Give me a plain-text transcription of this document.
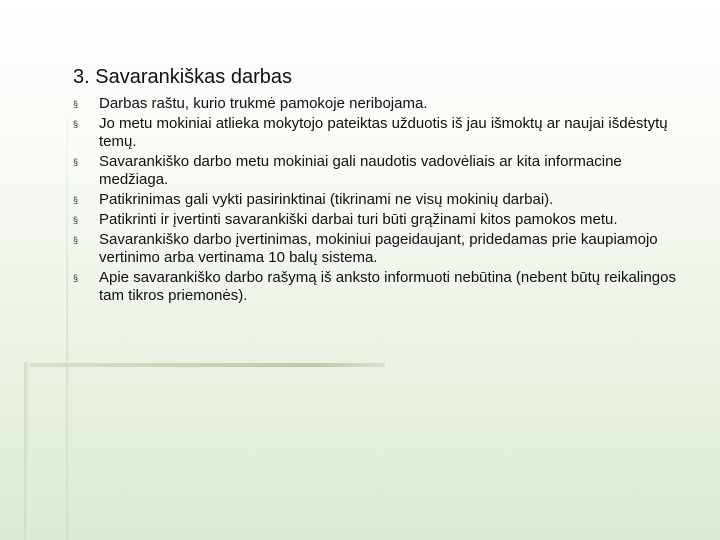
3. Savarankiškas darbas
§	Darbas raštu, kurio trukmė pamokoje neribojama.
§	Jo metu mokiniai atlieka mokytojo pateiktas užduotis iš jau išmoktų ar naujai išdėstytų temų.
§	Savarankiško darbo metu mokiniai gali naudotis vadovėliais ar kita informacine medžiaga.
§	Patikrinimas gali vykti pasirinktinai (tikrinami ne visų mokinių darbai).
§	Patikrinti ir įvertinti savarankiški darbai turi būti grąžinami kitos pamokos metu.
§	Savarankiško darbo įvertinimas, mokiniui pageidaujant, pridedamas prie kaupiamojo vertinimo arba vertinama 10 balų sistema.
§	Apie savarankiško darbo rašymą iš anksto informuoti nebūtina (nebent būtų reikalingos tam tikros priemonės).
